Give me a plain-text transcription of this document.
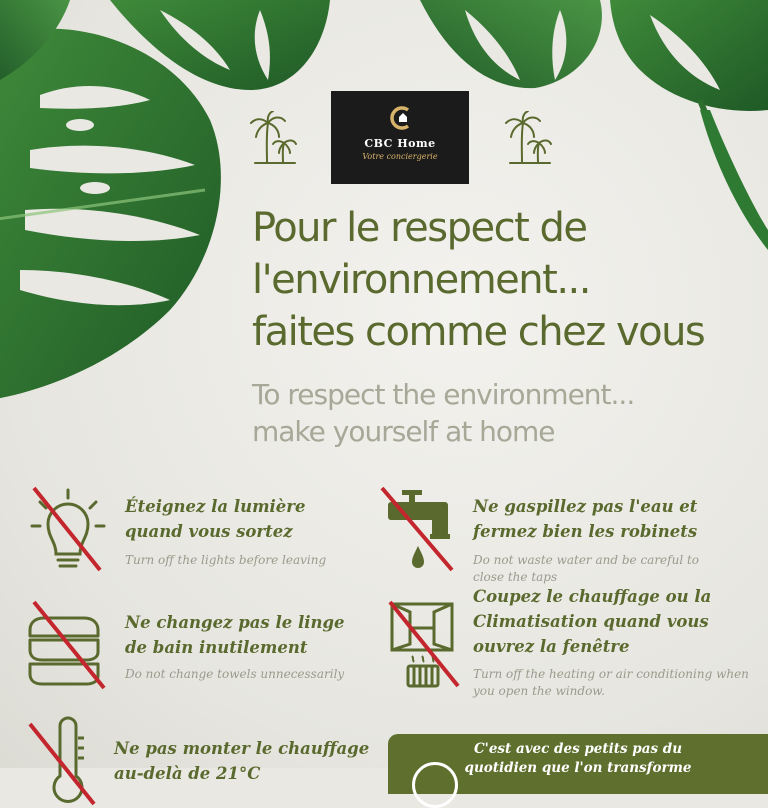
CBC Home
Votre conciergerie
Pour le respect de
l'environnement...
faites comme chez vous
To respect the environment...
make yourself at home

Éteignez la lumière
quand vous sortez

Turn off the lights before leaving

Ne gaspillez pas l'eau et
fermez bien les robinets

Do not waste water and be careful to
close the taps

Ne changez pas le linge
de bain inutilement

Do not change towels unnecessarily

Coupez le chauffage ou la
Climatisation quand vous
ouvrez la fenêtre

Turn off the heating or air conditioning when
you open the window.

Ne pas monter le chauffage
au-delà de 21°C

C'est avec des petits pas du
quotidien que l'on transforme
